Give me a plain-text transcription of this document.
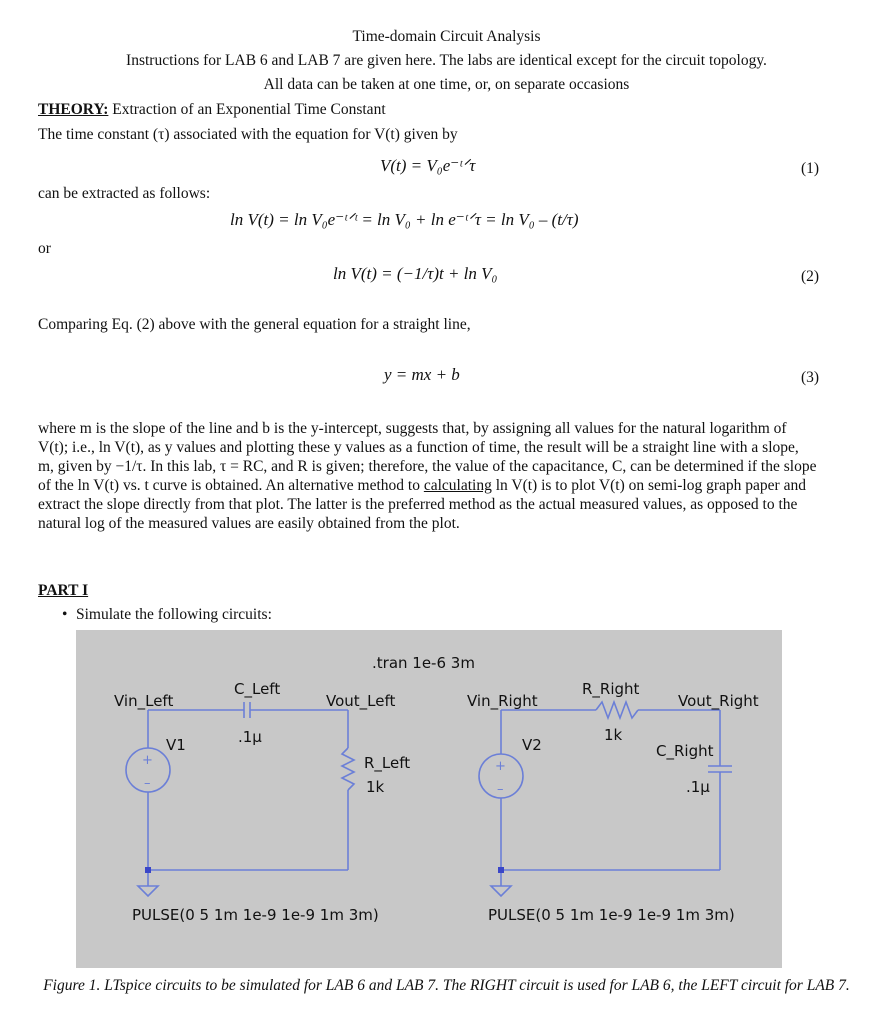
Time-domain Circuit Analysis
Instructions for LAB 6 and LAB 7 are given here. The labs are identical except for the circuit topology.
All data can be taken at one time, or, on separate occasions
THEORY: Extraction of an Exponential Time Constant
The time constant (τ) associated with the equation for V(t) given by
V(t) = V₀e⁻ᵗᐟτ	(1)
can be extracted as follows:
ln V(t) = ln V₀e⁻ᵗᐟᵗ = ln V₀ + ln e⁻ᵗᐟτ = ln V₀ – (t/τ)
or
ln V(t) = (−1/τ)t + ln V₀	(2)
Comparing Eq. (2) above with the general equation for a straight line,
y = mx + b	(3)
where m is the slope of the line and b is the y-intercept, suggests that, by assigning all values for the natural logarithm of V(t); i.e., ln V(t), as y values and plotting these y values as a function of time, the result will be a straight line with a slope, m, given by −1/τ. In this lab, τ = RC, and R is given; therefore, the value of the capacitance, C, can be determined if the slope of the ln V(t) vs. t curve is obtained. An alternative method to calculating ln V(t) is to plot V(t) on semi-log graph paper and extract the slope directly from that plot. The latter is the preferred method as the actual measured values, as opposed to the natural log of the measured values are easily obtained from the plot.
PART I
• Simulate the following circuits:
+
–
+
–
.tran 1e-6 3m
Vin_Left
C_Left
.1μ
Vout_Left
V1
R_Left
1k
PULSE(0 5 1m 1e-9 1e-9 1m 3m)
Vin_Right
R_Right
1k
Vout_Right
V2	C_Right
.1μ
PULSE(0 5 1m 1e-9 1e-9 1m 3m)
Figure 1. LTspice circuits to be simulated for LAB 6 and LAB 7. The RIGHT circuit is used for LAB 6, the LEFT circuit for LAB 7.
